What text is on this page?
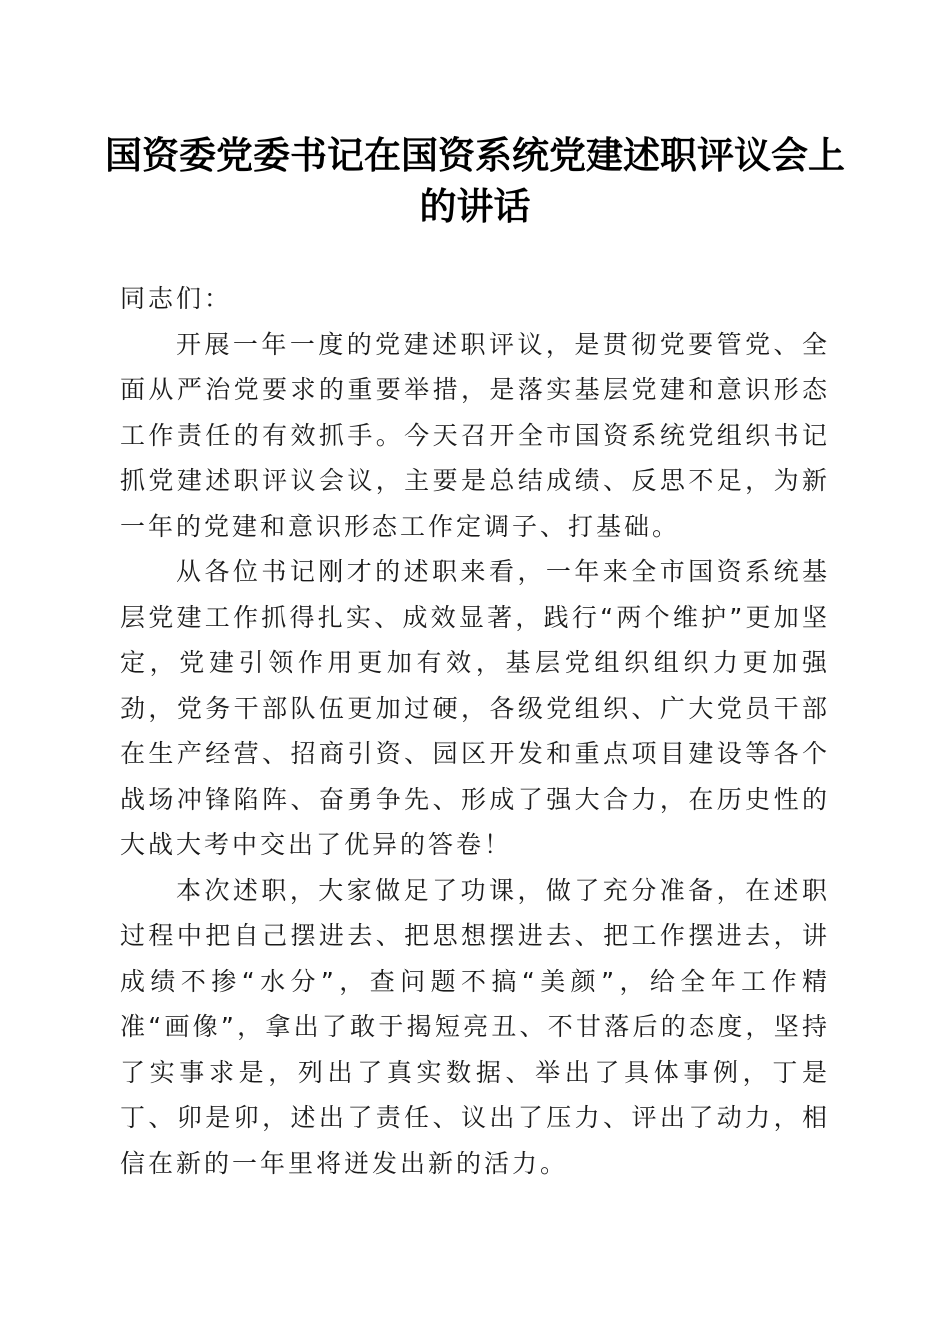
国资委党委书记在国资系统党建述职评议会上
的讲话

同志们：

开展一年一度的党建述职评议，是贯彻党要管党、全面从严治党要求的重要举措，是落实基层党建和意识形态工作责任的有效抓手。今天召开全市国资系统党组织书记抓党建述职评议会议，主要是总结成绩、反思不足，为新一年的党建和意识形态工作定调子、打基础。

从各位书记刚才的述职来看，一年来全市国资系统基层党建工作抓得扎实、成效显著，践行“两个维护”更加坚定，党建引领作用更加有效，基层党组织组织力更加强劲，党务干部队伍更加过硬，各级党组织、广大党员干部在生产经营、招商引资、园区开发和重点项目建设等各个战场冲锋陷阵、奋勇争先、形成了强大合力，在历史性的大战大考中交出了优异的答卷！

本次述职，大家做足了功课，做了充分准备，在述职过程中把自己摆进去、把思想摆进去、把工作摆进去，讲成绩不掺“水分”，查问题不搞“美颜”，给全年工作精准“画像”，拿出了敢于揭短亮丑、不甘落后的态度，坚持了实事求是，列出了真实数据、举出了具体事例，丁是丁、卯是卯，述出了责任、议出了压力、评出了动力，相信在新的一年里将迸发出新的活力。
